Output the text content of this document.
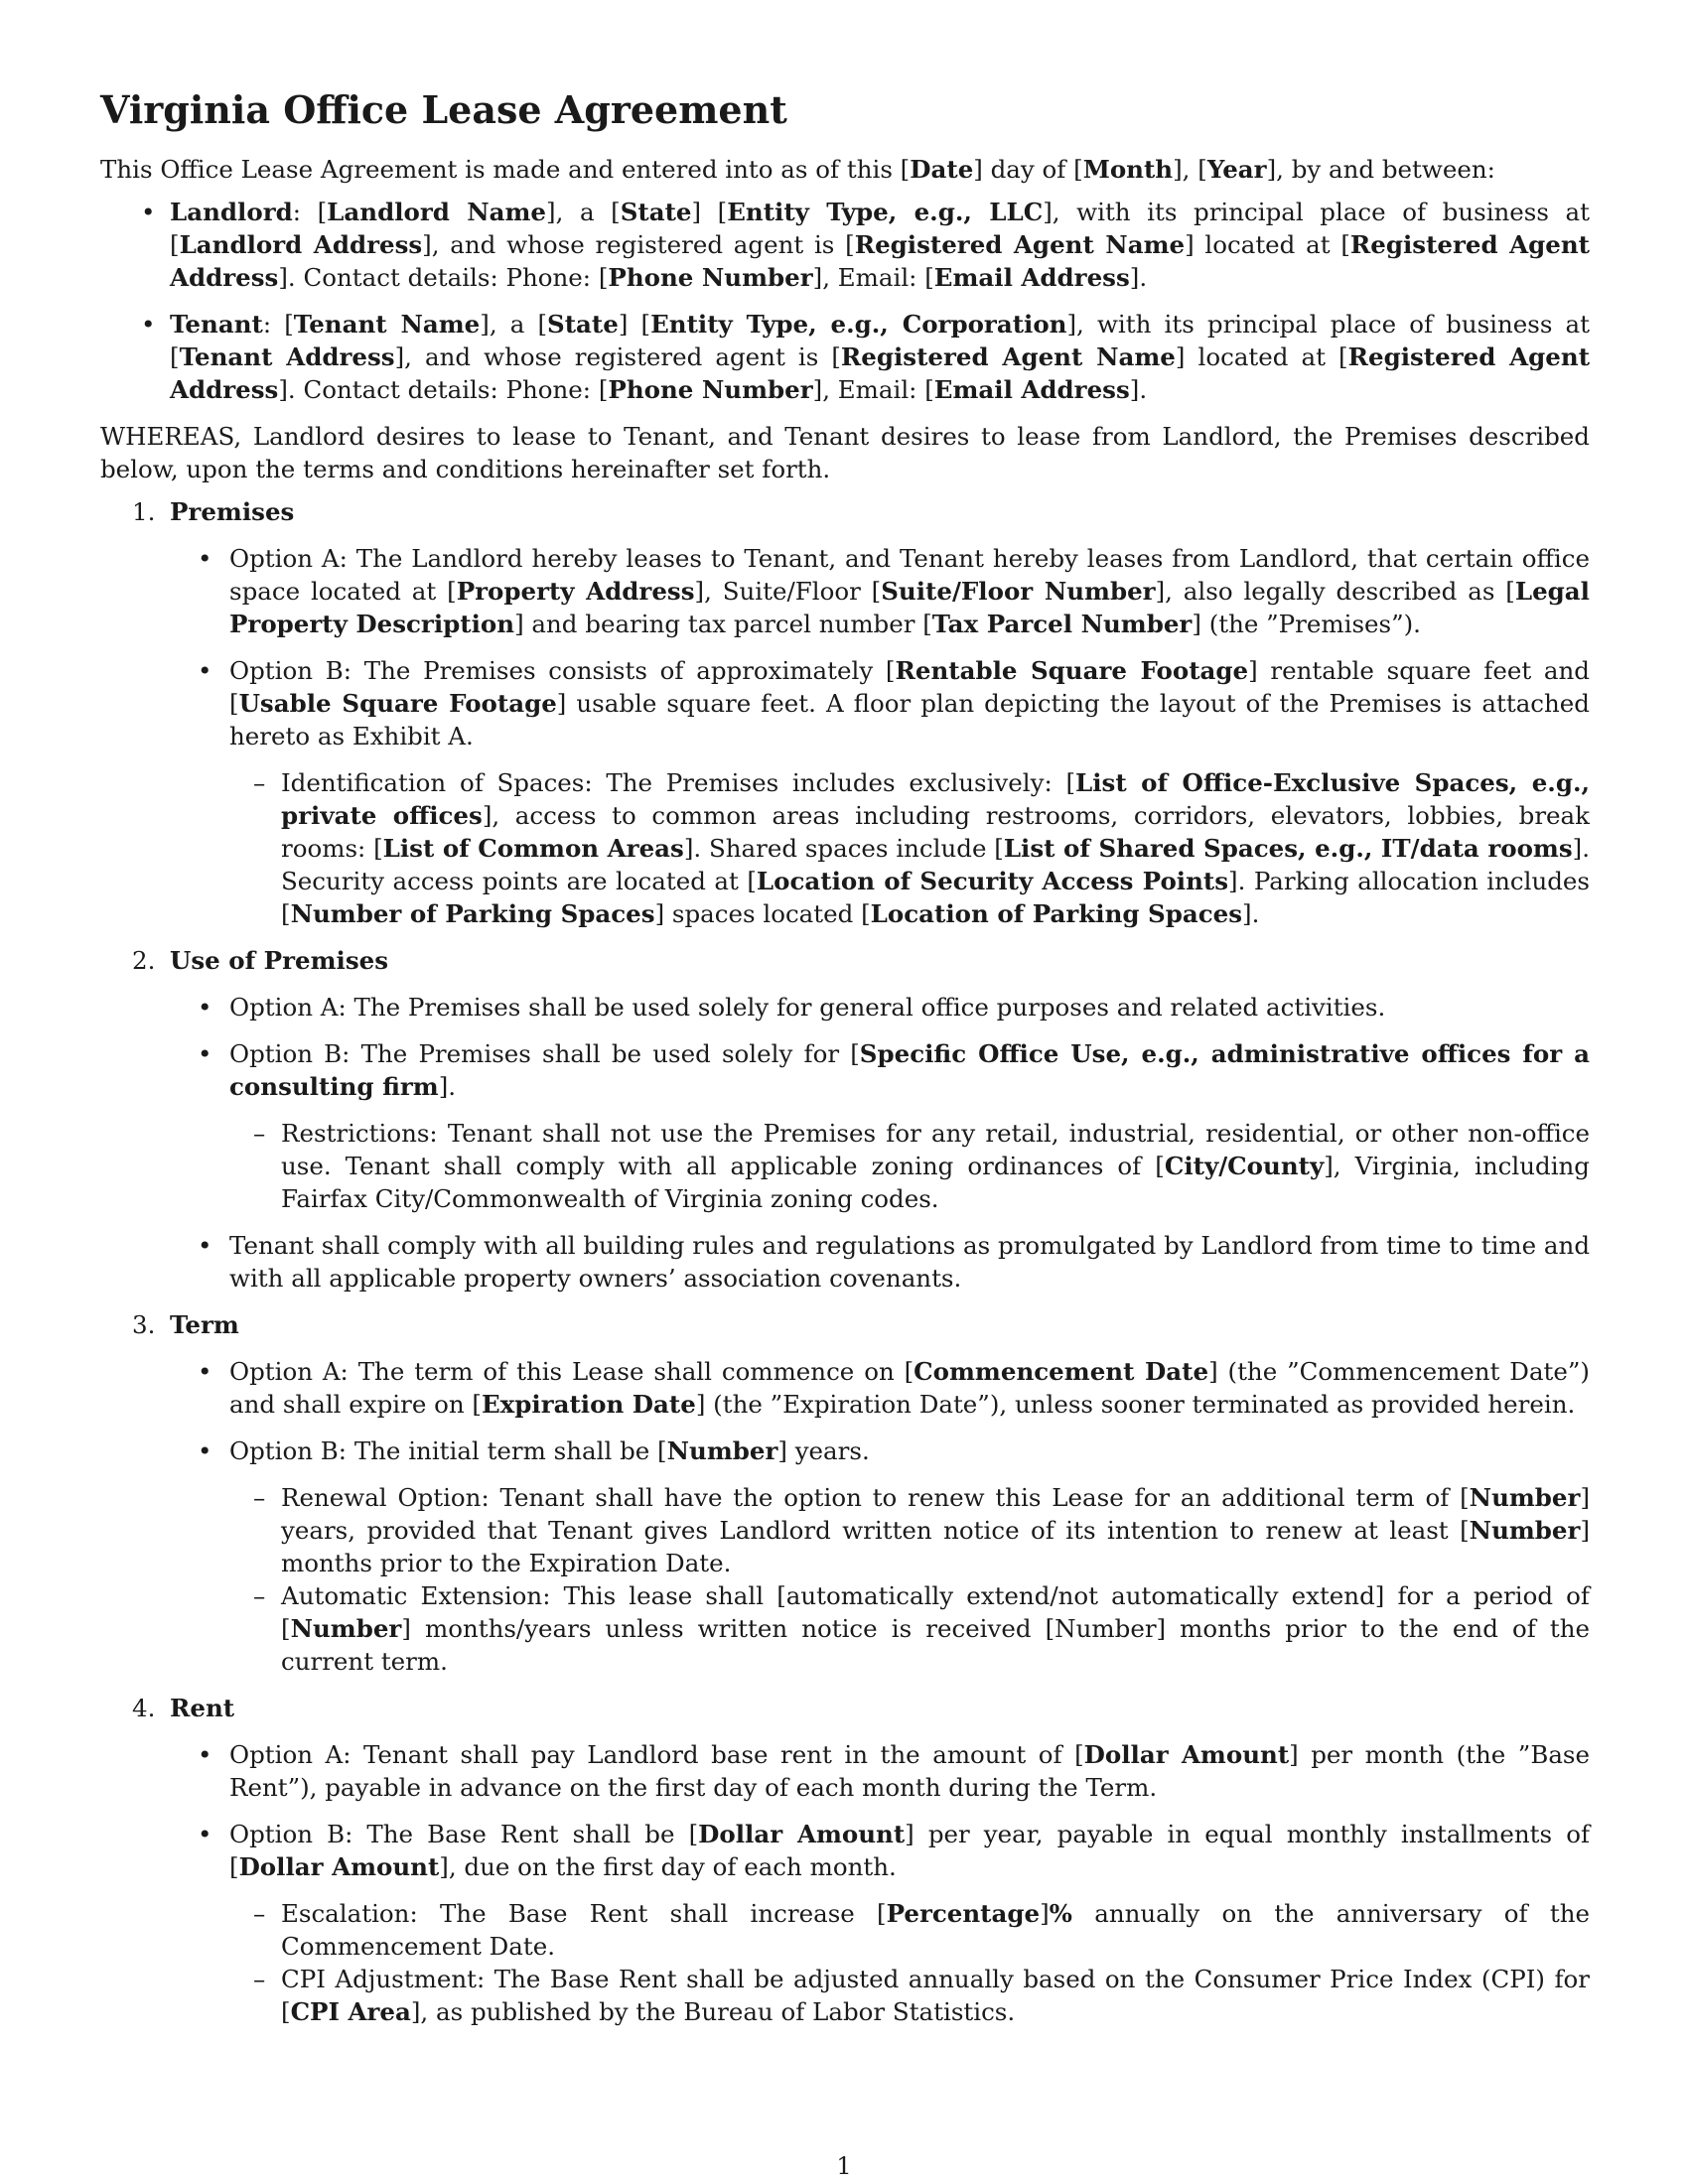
Virginia Office Lease Agreement

This Office Lease Agreement is made and entered into as of this [Date] day of [Month], [Year], by and between:

• Landlord: [Landlord Name], a [State] [Entity Type, e.g., LLC], with its principal place of business at [Landlord Address], and whose registered agent is [Registered Agent Name] located at [Registered Agent Address]. Contact details: Phone: [Phone Number], Email: [Email Address].
• Tenant: [Tenant Name], a [State] [Entity Type, e.g., Corporation], with its principal place of business at [Tenant Address], and whose registered agent is [Registered Agent Name] located at [Registered Agent Address]. Contact details: Phone: [Phone Number], Email: [Email Address].

WHEREAS, Landlord desires to lease to Tenant, and Tenant desires to lease from Landlord, the Premises described below, upon the terms and conditions hereinafter set forth.

1. Premises
• Option A: The Landlord hereby leases to Tenant, and Tenant hereby leases from Landlord, that certain office space located at [Property Address], Suite/Floor [Suite/Floor Number], also legally described as [Legal Property Description] and bearing tax parcel number [Tax Parcel Number] (the ”Premises”).
• Option B: The Premises consists of approximately [Rentable Square Footage] rentable square feet and [Usable Square Footage] usable square feet. A floor plan depicting the layout of the Premises is attached hereto as Exhibit A.
– Identification of Spaces: The Premises includes exclusively: [List of Office-Exclusive Spaces, e.g., private offices], access to common areas including restrooms, corridors, elevators, lobbies, break rooms: [List of Common Areas]. Shared spaces include [List of Shared Spaces, e.g., IT/data rooms]. Security access points are located at [Location of Security Access Points]. Parking allocation includes [Number of Parking Spaces] spaces located [Location of Parking Spaces].
2. Use of Premises
• Option A: The Premises shall be used solely for general office purposes and related activities.
• Option B: The Premises shall be used solely for [Specific Office Use, e.g., administrative offices for a consulting firm].
– Restrictions: Tenant shall not use the Premises for any retail, industrial, residential, or other non-office use. Tenant shall comply with all applicable zoning ordinances of [City/County], Virginia, including Fairfax City/Commonwealth of Virginia zoning codes.
• Tenant shall comply with all building rules and regulations as promulgated by Landlord from time to time and with all applicable property owners’ association covenants.
3. Term
• Option A: The term of this Lease shall commence on [Commencement Date] (the ”Commencement Date”) and shall expire on [Expiration Date] (the ”Expiration Date”), unless sooner terminated as provided herein.
• Option B: The initial term shall be [Number] years.
– Renewal Option: Tenant shall have the option to renew this Lease for an additional term of [Number] years, provided that Tenant gives Landlord written notice of its intention to renew at least [Number] months prior to the Expiration Date.
– Automatic Extension: This lease shall [automatically extend/not automatically extend] for a period of [Number] months/years unless written notice is received [Number] months prior to the end of the current term.
4. Rent
• Option A: Tenant shall pay Landlord base rent in the amount of [Dollar Amount] per month (the ”Base Rent”), payable in advance on the first day of each month during the Term.
• Option B: The Base Rent shall be [Dollar Amount] per year, payable in equal monthly installments of [Dollar Amount], due on the first day of each month.
– Escalation: The Base Rent shall increase [Percentage]% annually on the anniversary of the Commencement Date.
– CPI Adjustment: The Base Rent shall be adjusted annually based on the Consumer Price Index (CPI) for [CPI Area], as published by the Bureau of Labor Statistics.
1
